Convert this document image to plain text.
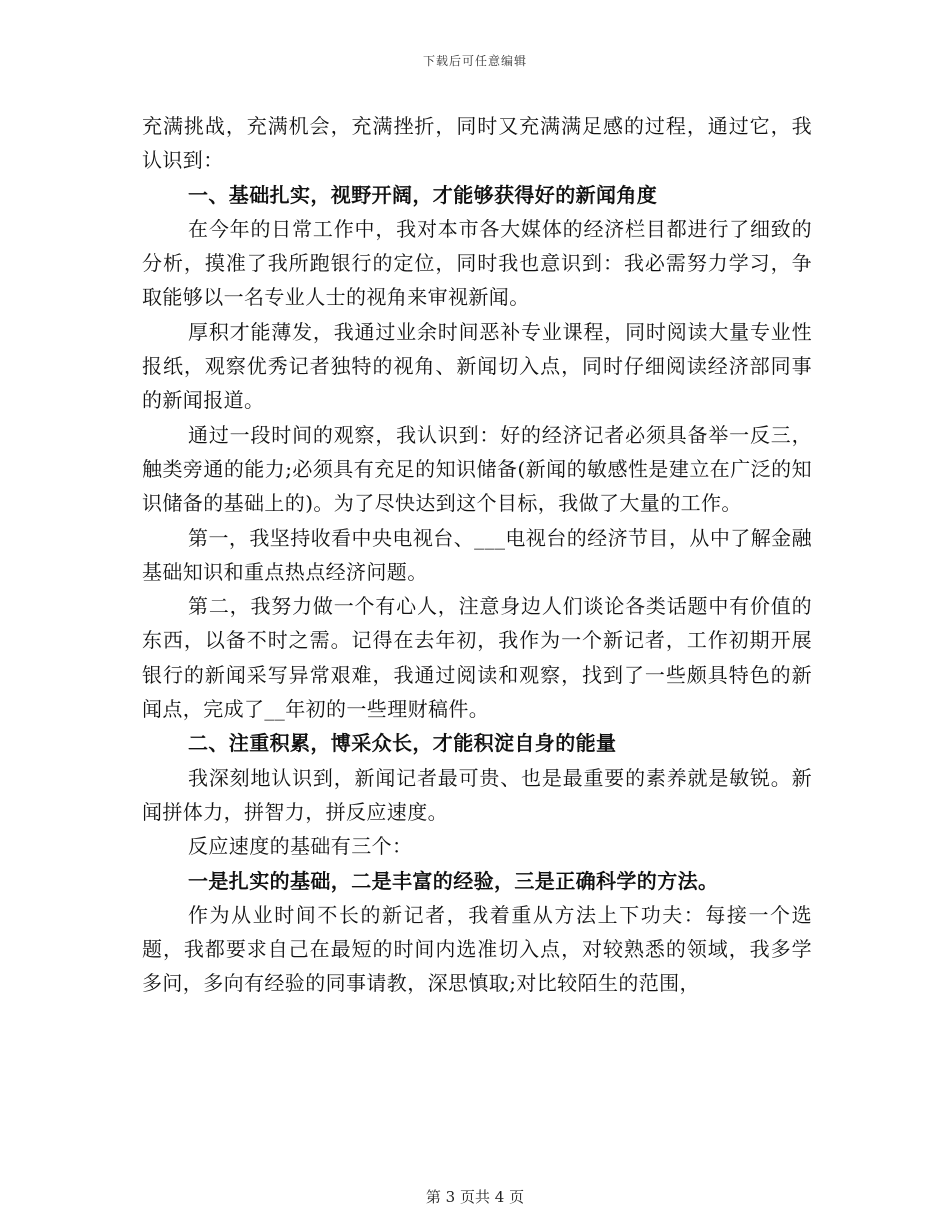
下载后可任意编辑

充满挑战，充满机会，充满挫折，同时又充满满足感的过程，通过它，我认识到：

一、基础扎实，视野开阔，才能够获得好的新闻角度

在今年的日常工作中，我对本市各大媒体的经济栏目都进行了细致的分析，摸准了我所跑银行的定位，同时我也意识到：我必需努力学习，争取能够以一名专业人士的视角来审视新闻。

厚积才能薄发，我通过业余时间恶补专业课程，同时阅读大量专业性报纸，观察优秀记者独特的视角、新闻切入点，同时仔细阅读经济部同事的新闻报道。

通过一段时间的观察，我认识到：好的经济记者必须具备举一反三，触类旁通的能力;必须具有充足的知识储备(新闻的敏感性是建立在广泛的知识储备的基础上的)。为了尽快达到这个目标，我做了大量的工作。

第一，我坚持收看中央电视台、___电视台的经济节目，从中了解金融基础知识和重点热点经济问题。

第二，我努力做一个有心人，注意身边人们谈论各类话题中有价值的东西，以备不时之需。记得在去年初，我作为一个新记者，工作初期开展银行的新闻采写异常艰难，我通过阅读和观察，找到了一些颇具特色的新闻点，完成了__年初的一些理财稿件。

二、注重积累，博采众长，才能积淀自身的能量

我深刻地认识到，新闻记者最可贵、也是最重要的素养就是敏锐。新闻拼体力，拼智力，拼反应速度。

反应速度的基础有三个：

一是扎实的基础，二是丰富的经验，三是正确科学的方法。

作为从业时间不长的新记者，我着重从方法上下功夫：每接一个选题，我都要求自己在最短的时间内选准切入点，对较熟悉的领域，我多学多问，多向有经验的同事请教，深思慎取;对比较陌生的范围，

第 3 页共 4 页
